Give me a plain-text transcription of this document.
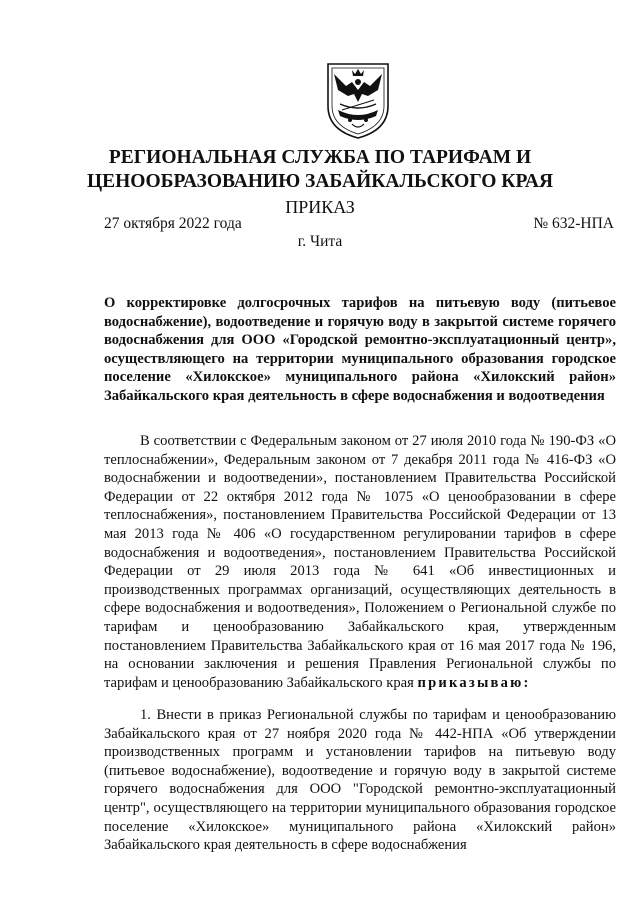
РЕГИОНАЛЬНАЯ СЛУЖБА ПО ТАРИФАМ И
ЦЕНООБРАЗОВАНИЮ ЗАБАЙКАЛЬСКОГО КРАЯ
ПРИКАЗ
27 октября 2022 года	№ 632-НПА
г. Чита
О корректировке долгосрочных тарифов на питьевую воду (питьевое водоснабжение), водоотведение и горячую воду в закрытой системе горячего водоснабжения для ООО «Городской ремонтно-эксплуатационный центр», осуществляющего на территории муниципального образования городское поселение «Хилокское» муниципального района «Хилокский район» Забайкальского края деятельность в сфере водоснабжения и водоотведения
В соответствии с Федеральным законом от 27 июля 2010 года № 190-ФЗ «О теплоснабжении», Федеральным законом от 7 декабря 2011 года № 416-ФЗ «О водоснабжении и водоотведении», постановлением Правительства Российской Федерации от 22 октября 2012 года № 1075 «О ценообразовании в сфере теплоснабжения», постановлением Правительства Российской Федерации от 13 мая 2013 года № 406 «О государственном регулировании тарифов в сфере водоснабжения и водоотведения», постановлением Правительства Российской Федерации от 29 июля 2013 года № 641 «Об инвестиционных и производственных программах организаций, осуществляющих деятельность в сфере водоснабжения и водоотведения», Положением о Региональной службе по тарифам и ценообразованию Забайкальского края, утвержденным постановлением Правительства Забайкальского края от 16 мая 2017 года № 196, на основании заключения и решения Правления Региональной службы по тарифам и ценообразованию Забайкальского края приказываю:
1. Внести в приказ Региональной службы по тарифам и ценообразованию Забайкальского края от 27 ноября 2020 года № 442-НПА «Об утверждении производственных программ и установлении тарифов на питьевую воду (питьевое водоснабжение), водоотведение и горячую воду в закрытой системе горячего водоснабжения для ООО "Городской ремонтно-эксплуатационный центр", осуществляющего на территории муниципального образования городское поселение «Хилокское» муниципального района «Хилокский район» Забайкальского края деятельность в сфере водоснабжения
